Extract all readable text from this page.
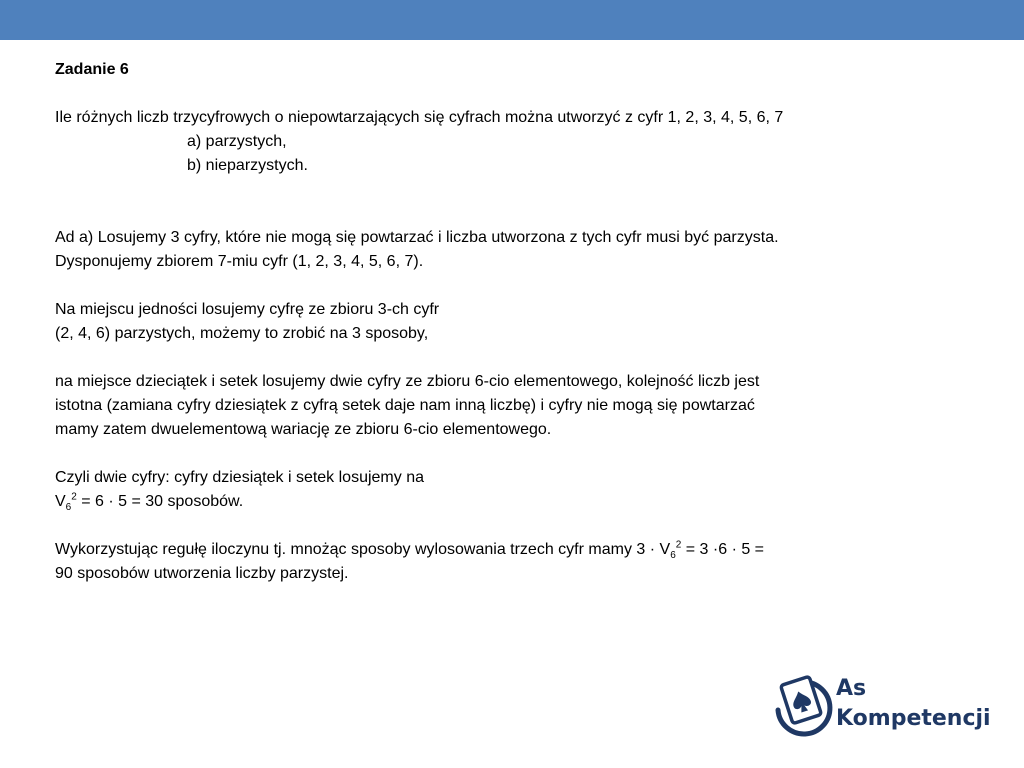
Zadanie 6
Ile różnych liczb trzycyfrowych o niepowtarzających się cyfrach można utworzyć z cyfr 1, 2, 3, 4, 5, 6, 7
a) parzystych,
b) nieparzystych.
Ad a) Losujemy 3 cyfry, które nie mogą się powtarzać i liczba utworzona z tych cyfr musi być parzysta.
Dysponujemy zbiorem 7-miu cyfr (1, 2, 3, 4, 5, 6, 7).
Na miejscu jedności losujemy cyfrę ze zbioru 3-ch cyfr
(2, 4, 6) parzystych, możemy to zrobić na 3 sposoby,
na miejsce dzieciątek i setek losujemy dwie cyfry ze zbioru 6-cio elementowego, kolejność liczb jest
istotna (zamiana cyfry dziesiątek z cyfrą setek daje nam inną liczbę) i cyfry nie mogą się powtarzać
mamy zatem dwuelementową wariację ze zbioru 6-cio elementowego.
Czyli dwie cyfry: cyfry dziesiątek i setek losujemy na
$V_6^2 = 6 \cdot 5 = 30$ sposobów.
Wykorzystując regułę iloczynu tj. mnożąc sposoby wylosowania trzech cyfr mamy $3 \cdot V_6^2 = 3 \cdot 6 \cdot 5$ =
90 sposobów utworzenia liczby parzystej.
As
Kompetencji
